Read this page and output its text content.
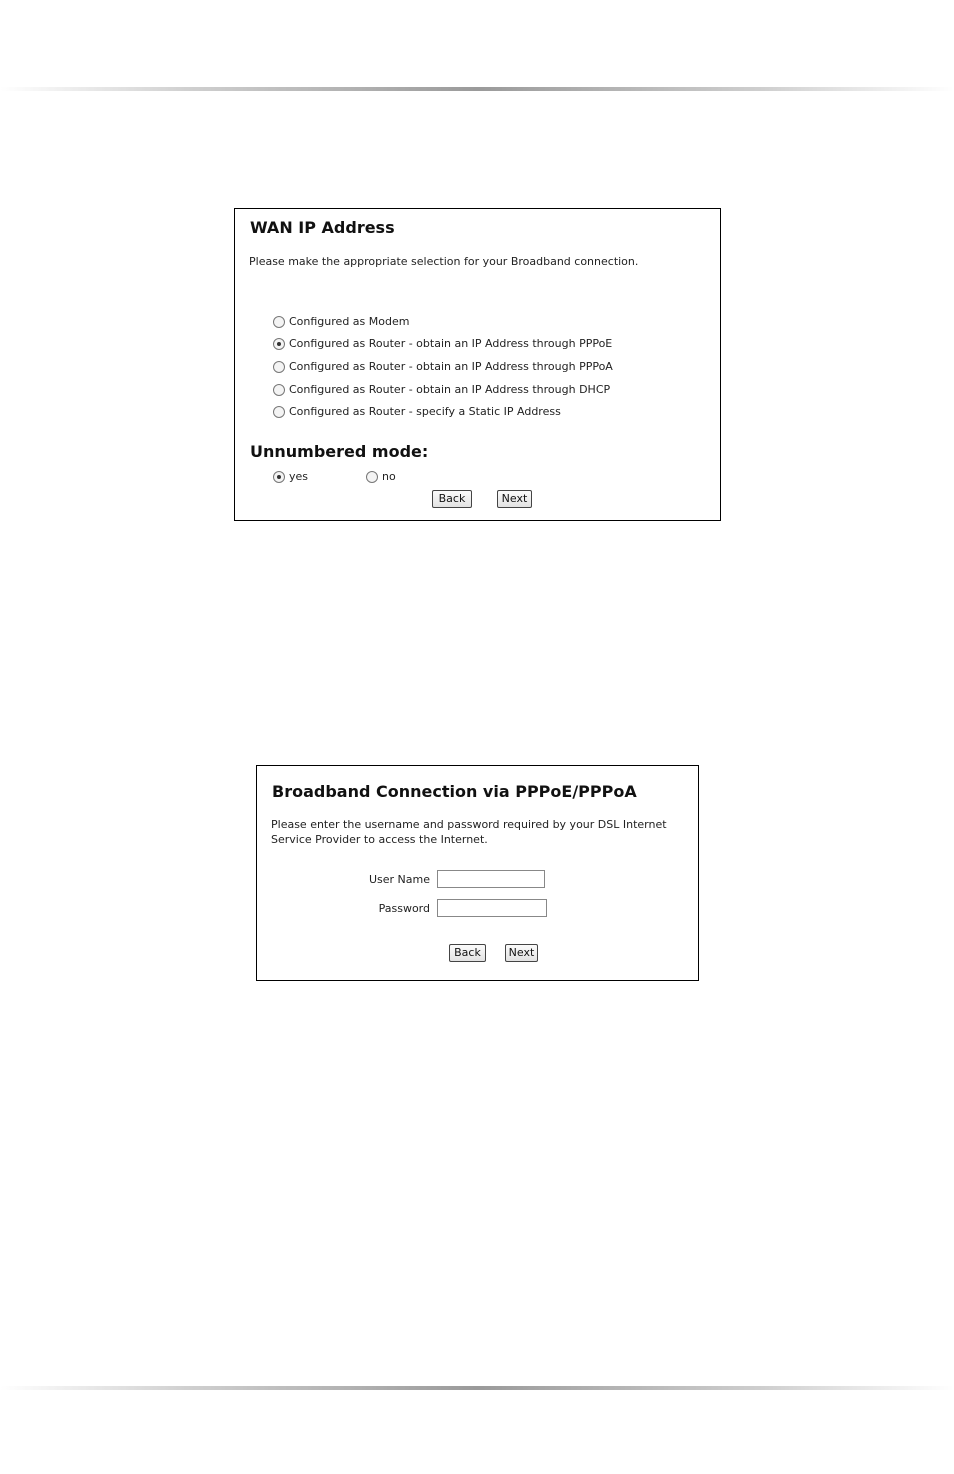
WAN IP Address
Please make the appropriate selection for your Broadband connection.
Configured as Modem
Configured as Router - obtain an IP Address through PPPoE
Configured as Router - obtain an IP Address through PPPoA
Configured as Router - obtain an IP Address through DHCP
Configured as Router - specify a Static IP Address
Unnumbered mode:
yes	no
Back	Next
Broadband Connection via PPPoE/PPPoA
Please enter the username and password required by your DSL Internet
Service Provider to access the Internet.
User Name
Password
Back	Next
